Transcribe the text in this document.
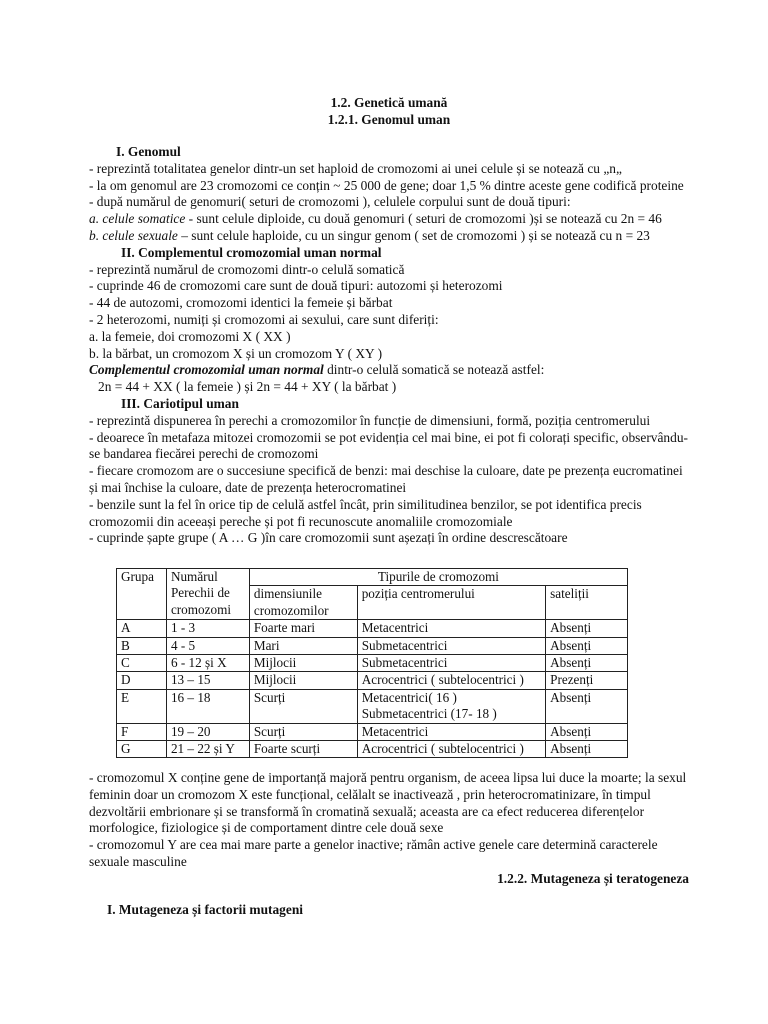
1.2. Genetică umană

1.2.1. Genomul uman

I. Genomul

- reprezintă totalitatea genelor dintr-un set haploid de cromozomi ai unei celule și se notează cu „n„

- la om genomul are 23 cromozomi ce conțin ~ 25 000 de gene; doar 1,5 % dintre aceste gene codifică proteine

- după numărul de genomuri( seturi de cromozomi ), celulele corpului sunt de două tipuri:

a. celule somatice - sunt celule diploide, cu două genomuri ( seturi de cromozomi )și se notează cu 2n = 46

b. celule sexuale – sunt celule haploide, cu un singur genom ( set de cromozomi ) și se notează cu n = 23

II. Complementul cromozomial uman normal

- reprezintă numărul de cromozomi dintr-o celulă somatică

- cuprinde 46 de cromozomi care sunt de două tipuri: autozomi și heterozomi

- 44 de autozomi, cromozomi identici la femeie și bărbat

- 2 heterozomi, numiți și cromozomi ai sexului, care sunt diferiți:

a. la femeie, doi cromozomi X ( XX )

b. la bărbat, un cromozom X și un cromozom Y ( XY )

Complementul cromozomial uman normal dintr-o celulă somatică se notează astfel:

2n = 44 + XX ( la femeie ) și 2n = 44 + XY ( la bărbat )

III. Cariotipul uman

- reprezintă dispunerea în perechi a cromozomilor în funcție de dimensiuni, formă, poziția centromerului

- deoarece în metafaza mitozei cromozomii se pot evidenția cel mai bine, ei pot fi colorați specific, observându-se bandarea fiecărei perechi de cromozomi

- fiecare cromozom are o succesiune specifică de benzi: mai deschise la culoare, date pe prezența eucromatinei și mai închise la culoare, date de prezența heterocromatinei

- benzile sunt la fel în orice tip de celulă astfel încât, prin similitudinea benzilor, se pot identifica precis cromozomii din aceeași pereche și pot fi recunoscute anomaliile cromozomiale

- cuprinde șapte grupe ( A … G )în care cromozomii sunt așezați în ordine descrescătoare

Grupa	Numărul Perechii de cromozomi	Tipurile de cromozomi		
		dimensiunile cromozomilor	poziția centromerului	sateliții
A	1 - 3	Foarte mari	Metacentrici	Absenți
B	4 - 5	Mari	Submetacentrici	Absenți
C	6 - 12 și X	Mijlocii	Submetacentrici	Absenți
D	13 – 15	Mijlocii	Acrocentrici ( subtelocentrici )	Prezenți
E	16 – 18	Scurți	Metacentrici( 16 ) Submetacentrici (17- 18 )	Absenți
F	19 – 20	Scurți	Metacentrici	Absenți
G	21 – 22 și Y	Foarte scurți	Acrocentrici ( subtelocentrici )	Absenți

- cromozomul X conține gene de importanță majoră pentru organism, de aceea lipsa lui duce la moarte; la sexul feminin doar un cromozom X este funcțional, celălalt se inactivează , prin heterocromatinizare, în timpul dezvoltării embrionare și se transformă în cromatină sexuală; aceasta are ca efect reducerea diferențelor morfologice, fiziologice și de comportament dintre cele două sexe

- cromozomul Y are cea mai mare parte a genelor inactive; rămân active genele care determină caracterele sexuale masculine

1.2.2. Mutageneza și teratogeneza

I. Mutageneza și factorii mutageni
